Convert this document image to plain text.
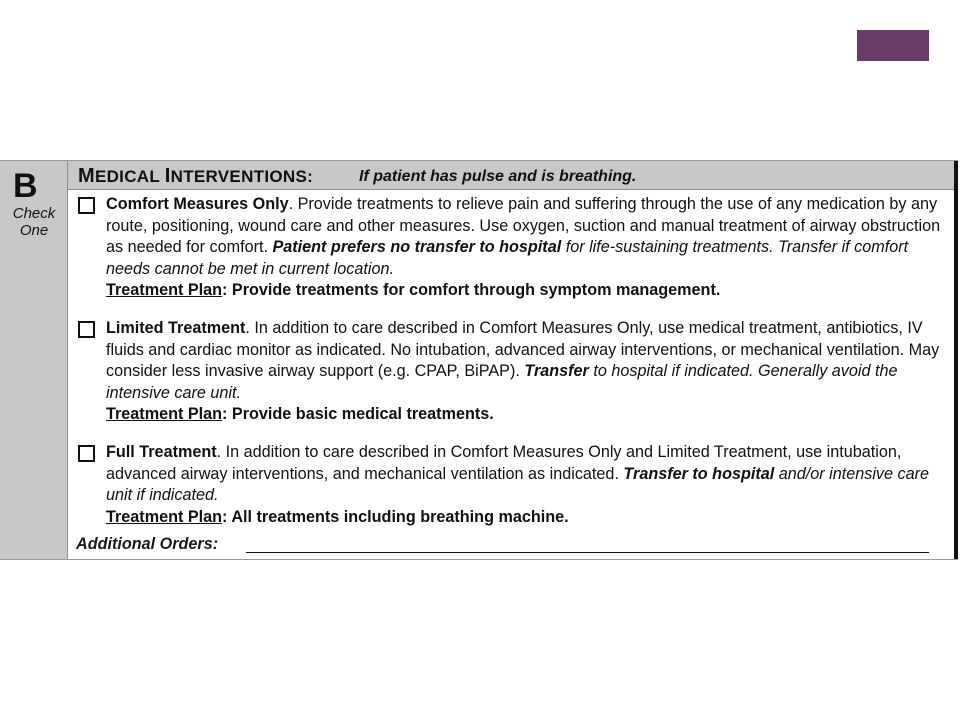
B
Check One
MEDICAL INTERVENTIONS:	If patient has pulse and is breathing.
Comfort Measures Only. Provide treatments to relieve pain and suffering through the use of any medication by any route, positioning, wound care and other measures. Use oxygen, suction and manual treatment of airway obstruction as needed for comfort. Patient prefers no transfer to hospital for life-sustaining treatments. Transfer if comfort needs cannot be met in current location.
Treatment Plan: Provide treatments for comfort through symptom management.
Limited Treatment. In addition to care described in Comfort Measures Only, use medical treatment, antibiotics, IV fluids and cardiac monitor as indicated. No intubation, advanced airway interventions, or mechanical ventilation. May consider less invasive airway support (e.g. CPAP, BiPAP). Transfer to hospital if indicated. Generally avoid the intensive care unit.
Treatment Plan: Provide basic medical treatments.
Full Treatment. In addition to care described in Comfort Measures Only and Limited Treatment, use intubation, advanced airway interventions, and mechanical ventilation as indicated. Transfer to hospital and/or intensive care unit if indicated.
Treatment Plan: All treatments including breathing machine.
Additional Orders:
